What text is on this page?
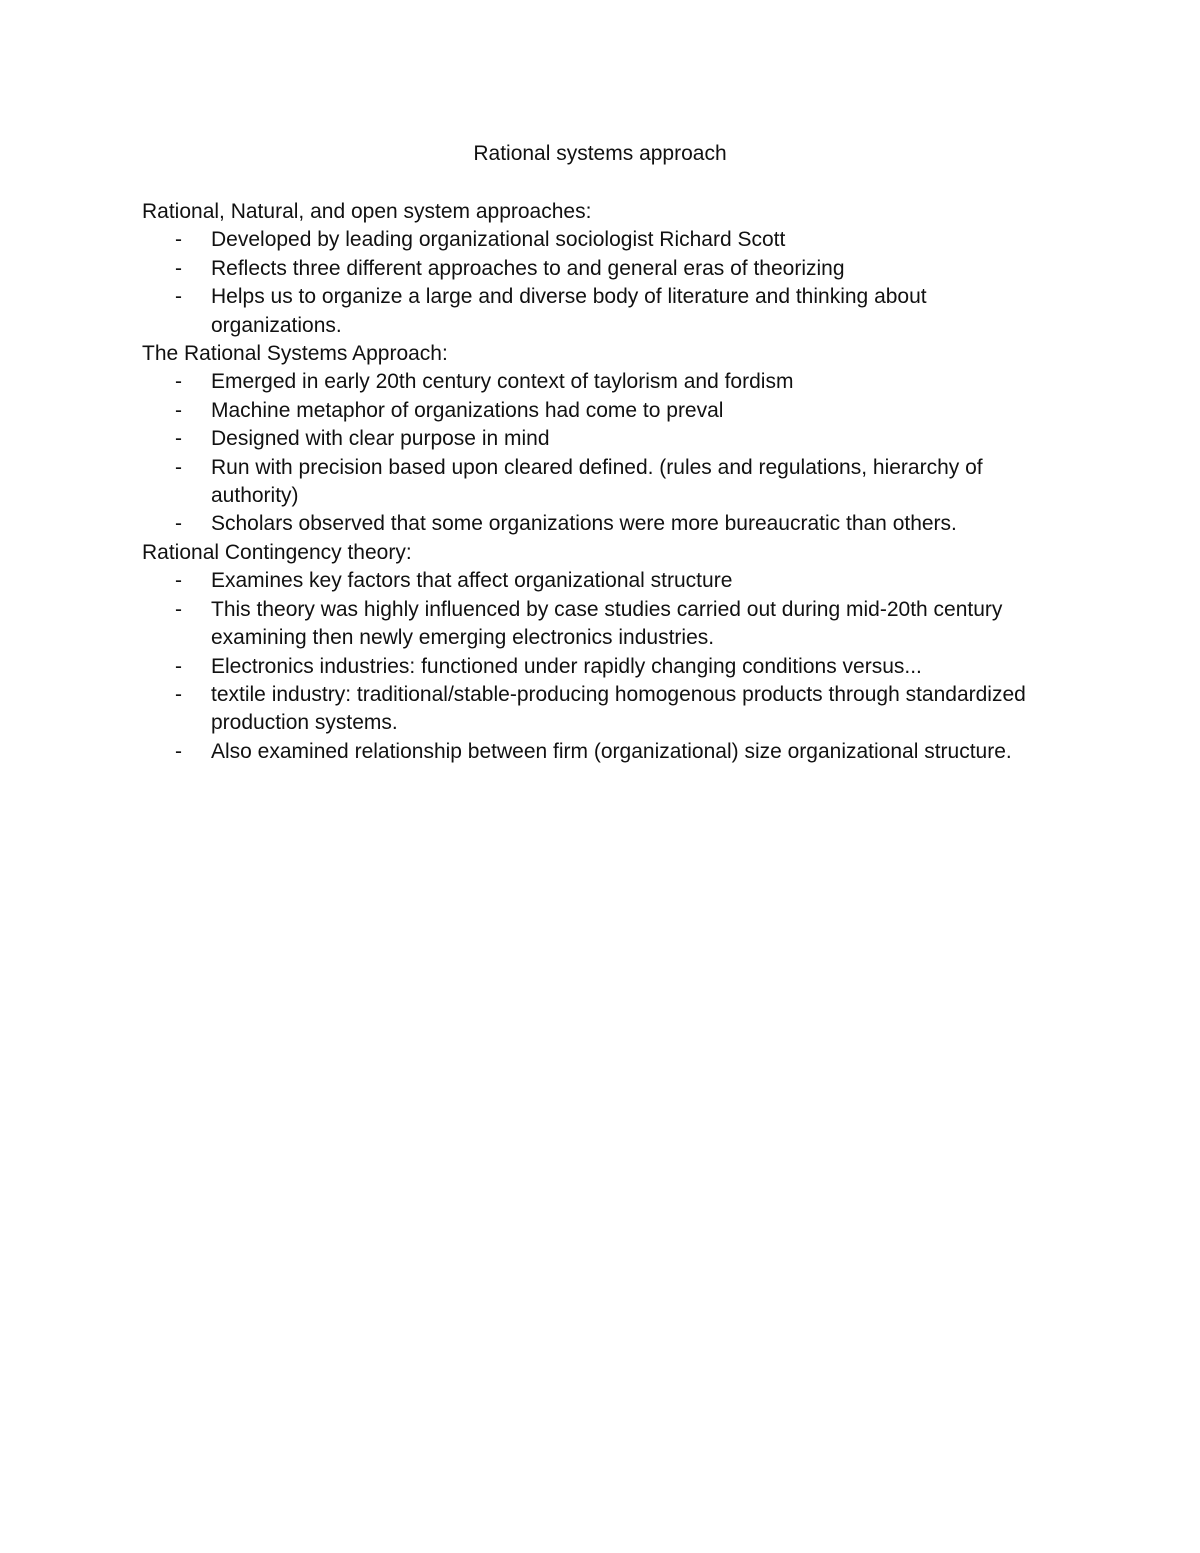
Rational systems approach

Rational, Natural, and open system approaches:

- Developed by leading organizational sociologist Richard Scott
- Reflects three different approaches to and general eras of theorizing
- Helps us to organize a large and diverse body of literature and thinking about organizations.

The Rational Systems Approach:

- Emerged in early 20th century context of taylorism and fordism
- Machine metaphor of organizations had come to preval
- Designed with clear purpose in mind
- Run with precision based upon cleared defined. (rules and regulations, hierarchy of authority)
- Scholars observed that some organizations were more bureaucratic than others.

Rational Contingency theory:

- Examines key factors that affect organizational structure
- This theory was highly influenced by case studies carried out during mid-20th century examining then newly emerging electronics industries.
- Electronics industries: functioned under rapidly changing conditions versus...
- textile industry: traditional/stable-producing homogenous products through standardized production systems.
- Also examined relationship between firm (organizational) size organizational structure.
